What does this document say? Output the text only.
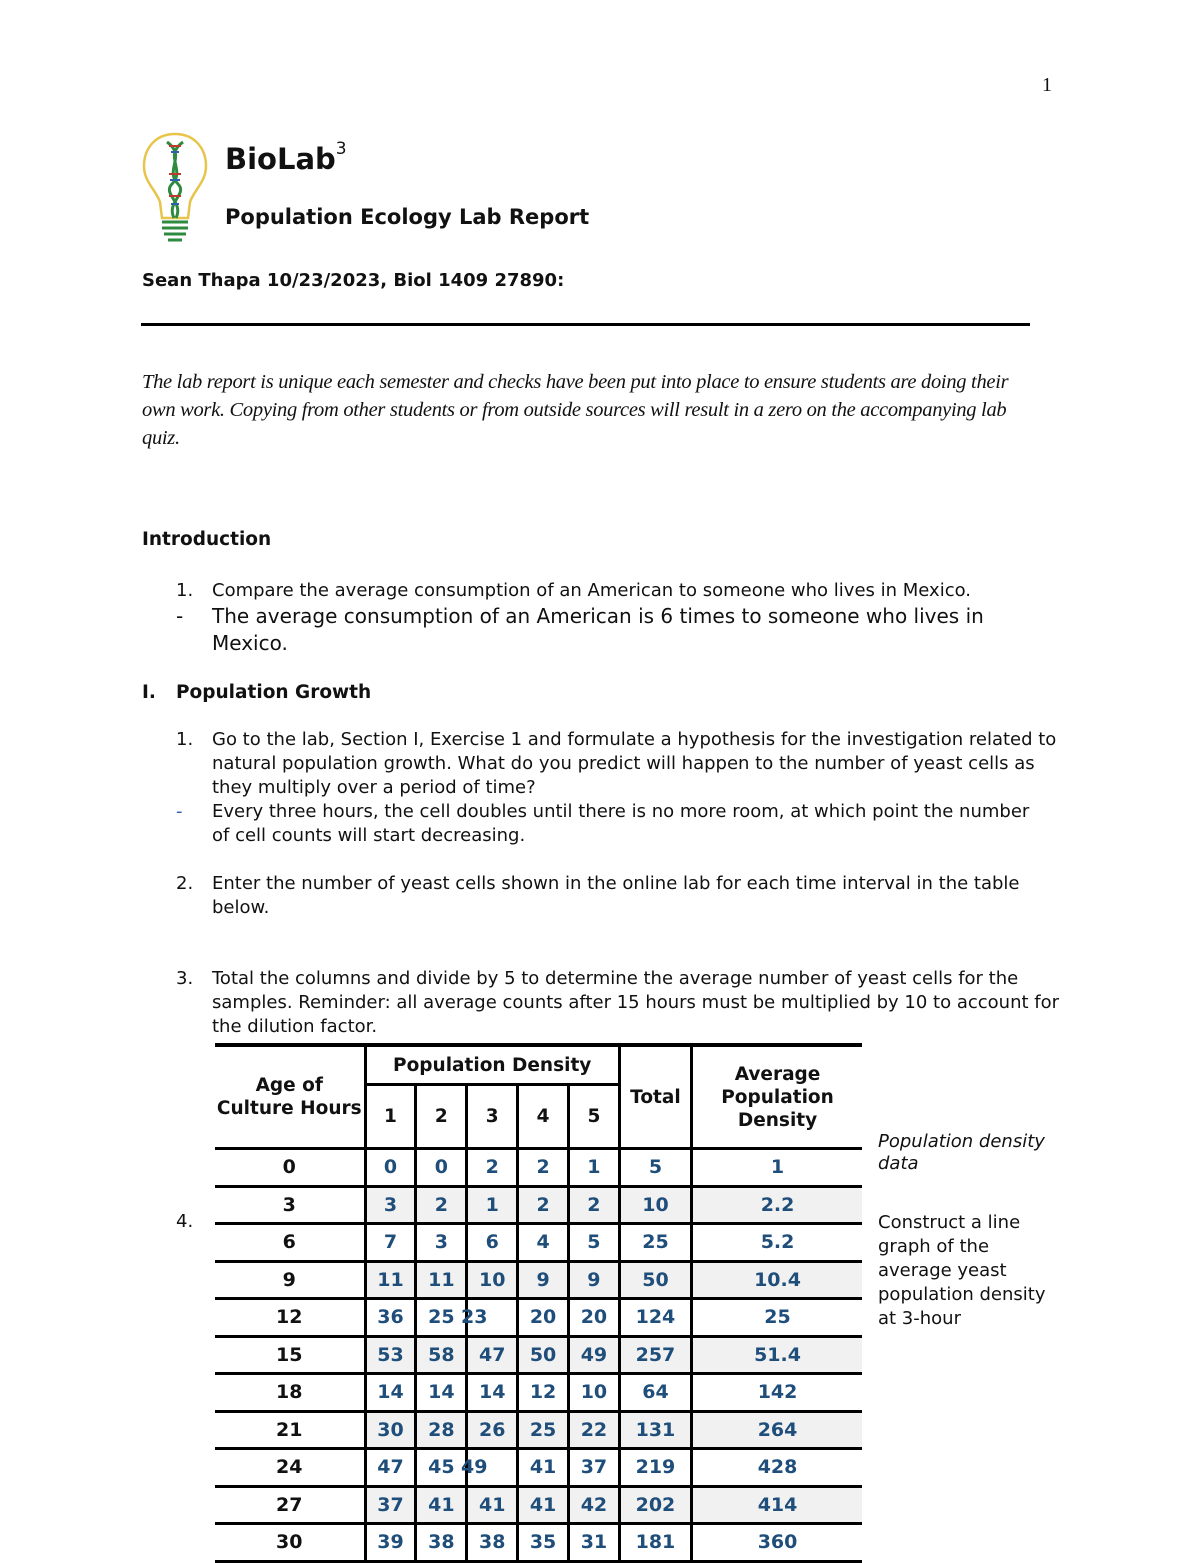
1
BioLab$^3$
Population Ecology Lab Report
Sean Thapa 10/23/2023, Biol 1409 27890:
The lab report is unique each semester and checks have been put into place to ensure students are doing their own work. Copying from other students or from outside sources will result in a zero on the accompanying lab quiz.
Introduction
1. Compare the average consumption of an American to someone who lives in Mexico.
- The average consumption of an American is 6 times to someone who lives in Mexico.
I. Population Growth
1. Go to the lab, Section I, Exercise 1 and formulate a hypothesis for the investigation related to natural population growth. What do you predict will happen to the number of yeast cells as they multiply over a period of time?
- Every three hours, the cell doubles until there is no more room, at which point the number of cell counts will start decreasing.
2. Enter the number of yeast cells shown in the online lab for each time interval in the table below.
3. Total the columns and divide by 5 to determine the average number of yeast cells for the samples. Reminder: all average counts after 15 hours must be multiplied by 10 to account for the dilution factor.
Age of Culture Hours	Population Density					Total	Average Population Density
	1	2	3	4	5		
0	0	0	2	2	1	5	1
3	3	2	1	2	2	10	2.2
6	7	3	6	4	5	25	5.2
9	11	11	10	9	9	50	10.4
12	36	25	23	20	20	124	25
15	53	58	47	50	49	257	51.4
18	14	14	14	12	10	64	142
21	30	28	26	25	22	131	264
24	47	45	49	41	37	219	428
27	37	41	41	41	42	202	414
30	39	38	38	35	31	181	360
4.
Population density data
Construct a line graph of the average yeast population density at 3-hour
